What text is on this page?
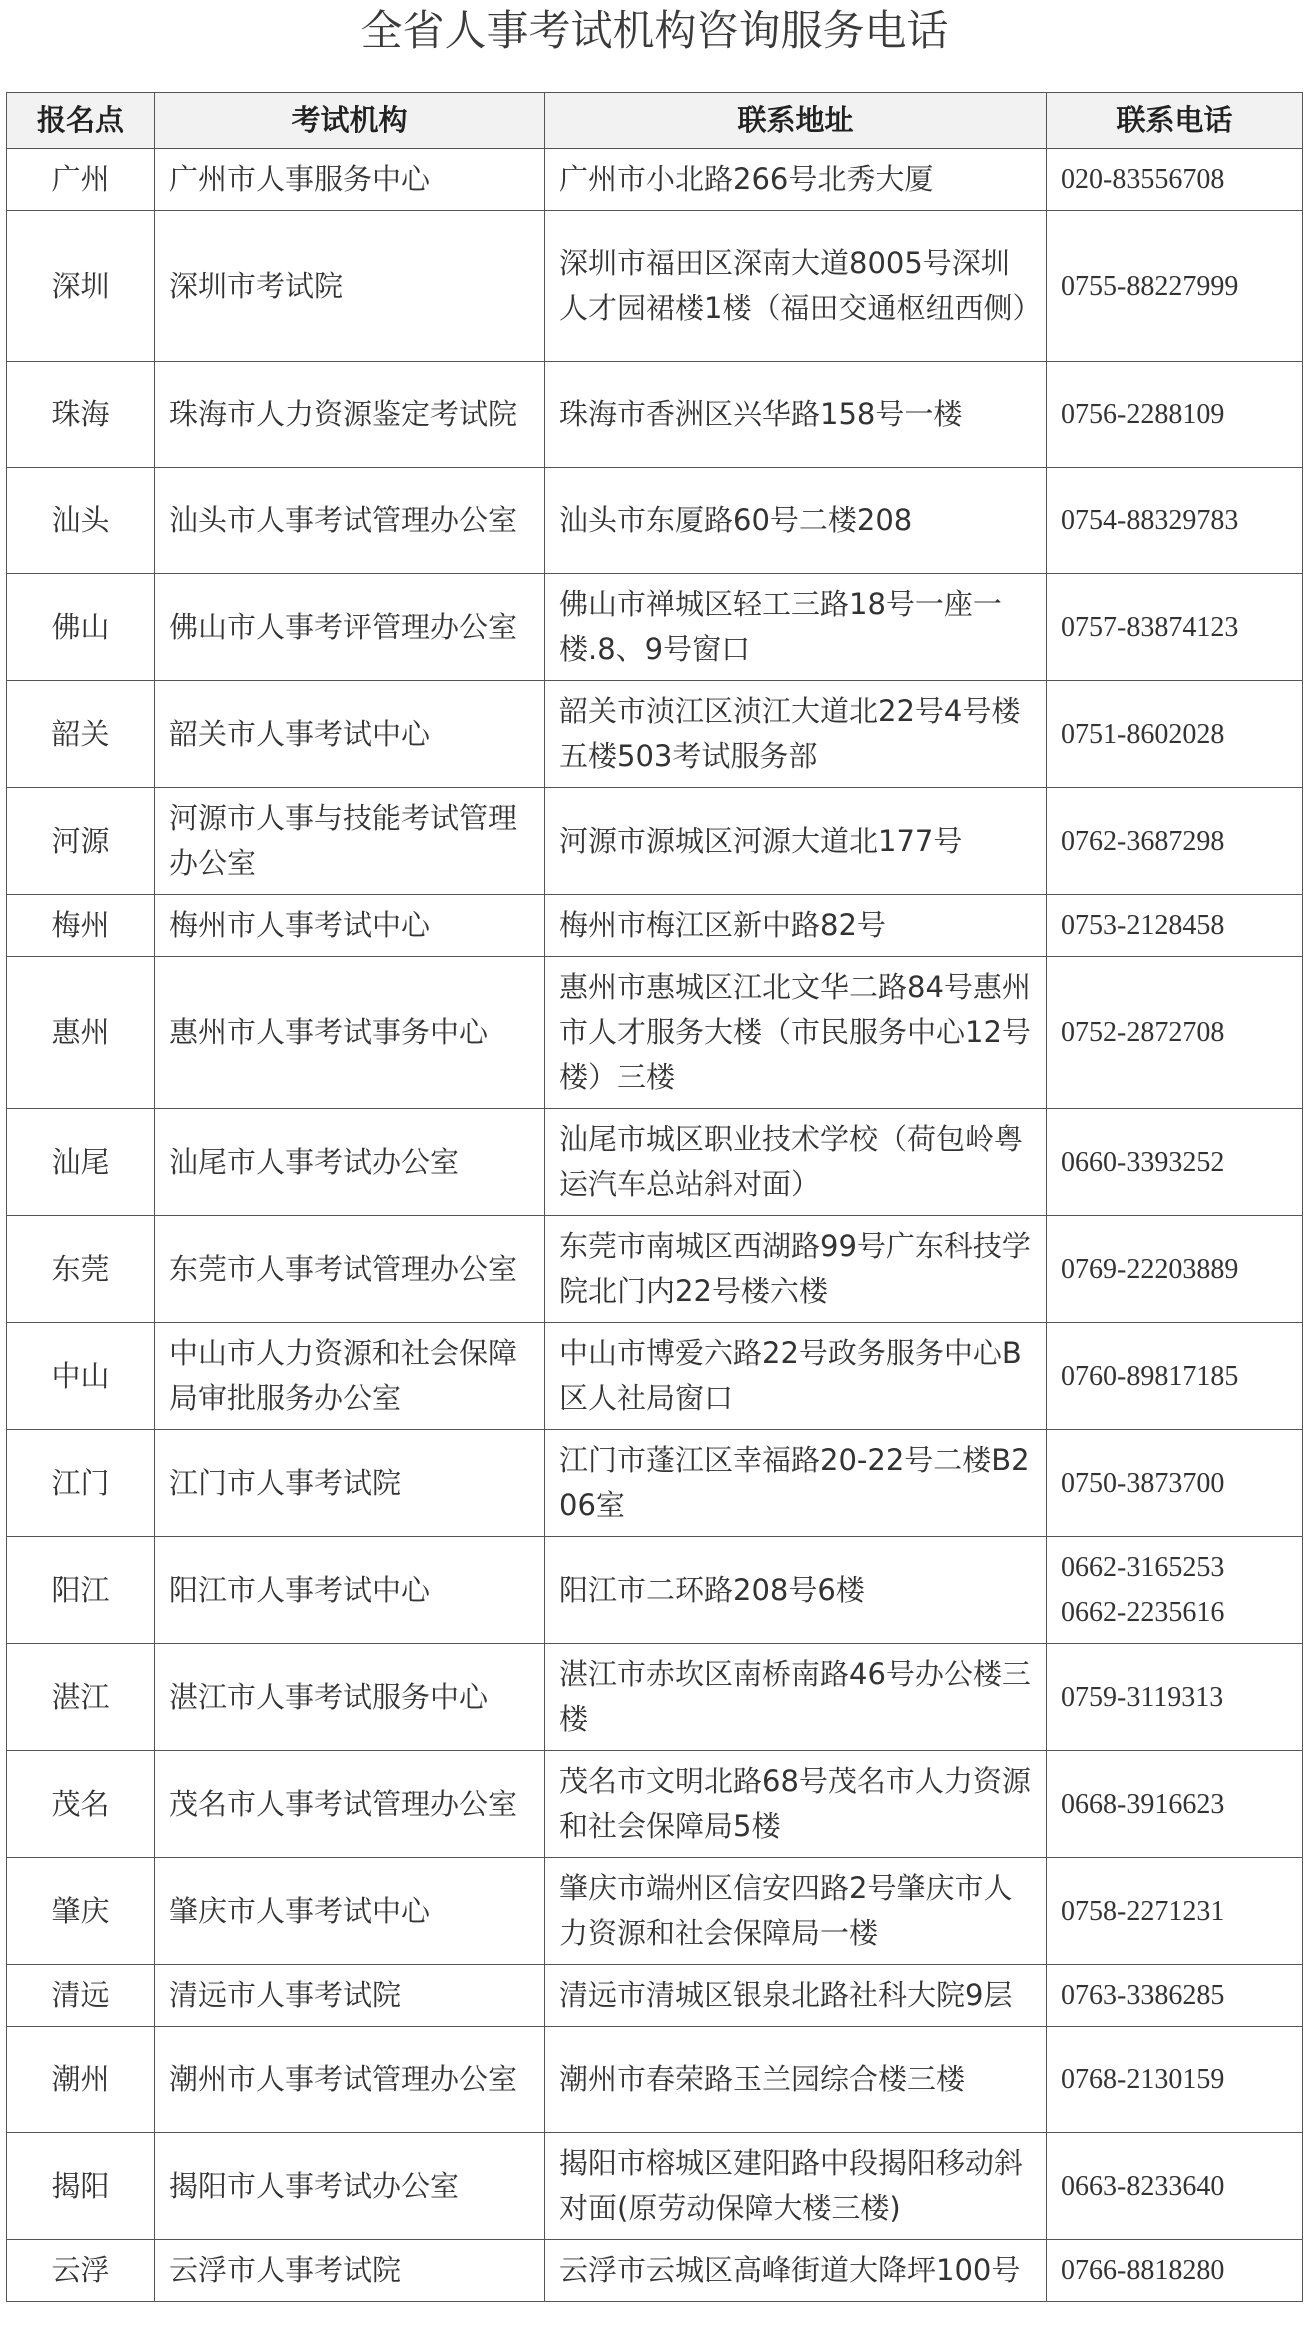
全省人事考试机构咨询服务电话
报名点	考试机构	联系地址	联系电话
广州	广州市人事服务中心	广州市小北路266号北秀大厦	020-83556708

深圳	深圳市考试院	深圳市福田区深南大道8005号深圳人才园裙楼1楼（福田交通枢纽西侧）	0755-88227999

珠海	珠海市人力资源鉴定考试院	珠海市香洲区兴华路158号一楼	0756-2288109

汕头	汕头市人事考试管理办公室	汕头市东厦路60号二楼208	0754-88329783

佛山	佛山市人事考评管理办公室	佛山市禅城区轻工三路18号一座一楼.8、9号窗口	0757-83874123

韶关	韶关市人事考试中心	韶关市浈江区浈江大道北22号4号楼五楼503考试服务部	0751-8602028

河源	河源市人事与技能考试管理办公室	河源市源城区河源大道北177号	0762-3687298

梅州	梅州市人事考试中心	梅州市梅江区新中路82号	0753-2128458

惠州	惠州市人事考试事务中心	惠州市惠城区江北文华二路84号惠州市人才服务大楼（市民服务中心12号楼）三楼	0752-2872708

汕尾	汕尾市人事考试办公室	汕尾市城区职业技术学校（荷包岭粤运汽车总站斜对面）	0660-3393252

东莞	东莞市人事考试管理办公室	东莞市南城区西湖路99号广东科技学院北门内22号楼六楼	0769-22203889

中山	中山市人力资源和社会保障局审批服务办公室	中山市博爱六路22号政务服务中心B区人社局窗口	0760-89817185

江门	江门市人事考试院	江门市蓬江区幸福路20-22号二楼B206室	0750-3873700

阳江	阳江市人事考试中心	阳江市二环路208号6楼	0662-3165253
0662-2235616

湛江	湛江市人事考试服务中心	湛江市赤坎区南桥南路46号办公楼三楼	0759-3119313

茂名	茂名市人事考试管理办公室	茂名市文明北路68号茂名市人力资源和社会保障局5楼	0668-3916623

肇庆	肇庆市人事考试中心	肇庆市端州区信安四路2号肇庆市人力资源和社会保障局一楼	0758-2271231

清远	清远市人事考试院	清远市清城区银泉北路社科大院9层	0763-3386285

潮州	潮州市人事考试管理办公室	潮州市春荣路玉兰园综合楼三楼	0768-2130159

揭阳	揭阳市人事考试办公室	揭阳市榕城区建阳路中段揭阳移动斜对面(原劳动保障大楼三楼)	0663-8233640

云浮	云浮市人事考试院	云浮市云城区高峰街道大降坪100号	0766-8818280
